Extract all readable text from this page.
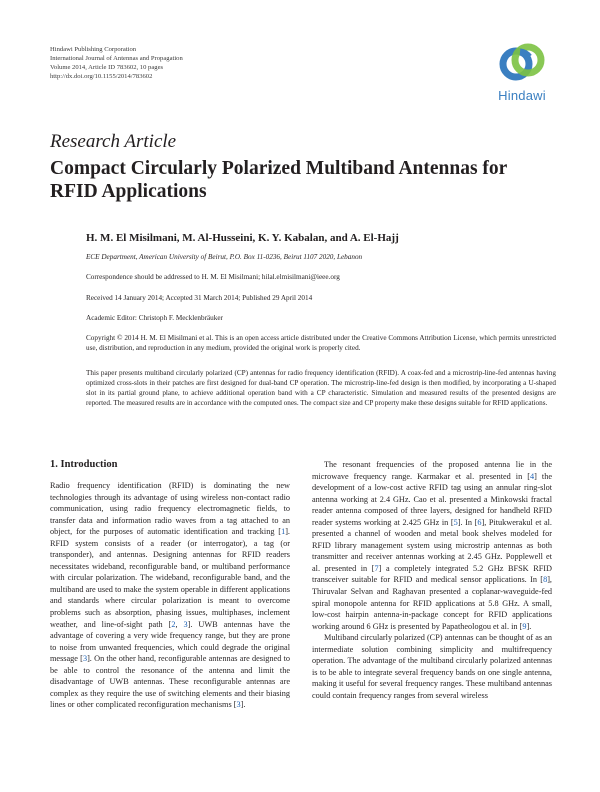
Hindawi Publishing Corporation
International Journal of Antennas and Propagation
Volume 2014, Article ID 783602, 10 pages
http://dx.doi.org/10.1155/2014/783602
Hindawi
Research Article
Compact Circularly Polarized Multiband Antennas for RFID Applications
H. M. El Misilmani, M. Al-Husseini, K. Y. Kabalan, and A. El-Hajj
ECE Department, American University of Beirut, P.O. Box 11-0236, Beirut 1107 2020, Lebanon
Correspondence should be addressed to H. M. El Misilmani; hilal.elmisilmani@ieee.org
Received 14 January 2014; Accepted 31 March 2014; Published 29 April 2014
Academic Editor: Christoph F. Mecklenbräuker
Copyright © 2014 H. M. El Misilmani et al. This is an open access article distributed under the Creative Commons Attribution License, which permits unrestricted use, distribution, and reproduction in any medium, provided the original work is properly cited.
This paper presents multiband circularly polarized (CP) antennas for radio frequency identification (RFID). A coax-fed and a microstrip-line-fed antennas having optimized cross-slots in their patches are first designed for dual-band CP operation. The microstrip-line-fed design is then modified, by incorporating a U-shaped slot in its partial ground plane, to achieve additional operation band with a CP characteristic. Simulation and measured results of the presented designs are reported. The measured results are in accordance with the computed ones. The compact size and CP property make these designs suitable for RFID applications.
1. Introduction

Radio frequency identification (RFID) is dominating the new technologies through its advantage of using wireless non-contact radio communication, using radio frequency electromagnetic fields, to transfer data and information radio waves from a tag attached to an object, for the purposes of automatic identification and tracking [1]. RFID system consists of a reader (or interrogator), a tag (or transponder), and antennas. Designing antennas for RFID readers necessitates wideband, reconfigurable band, or multiband performance with circular polarization. The wideband, reconfigurable band, and the multiband are used to make the system operable in different applications and standards where circular polarization is meant to overcome problems such as absorption, phasing issues, multiphases, inclement weather, and line-of-sight path [2, 3]. UWB antennas have the advantage of covering a very wide frequency range, but they are prone to noise from unwanted frequencies, which could degrade the original message [3]. On the other hand, reconfigurable antennas are designed to be able to control the resonance of the antenna and limit the disadvantage of UWB antennas. These reconfigurable antennas are complex as they require the use of switching elements and their biasing lines or other complicated reconfiguration mechanisms [3].

The resonant frequencies of the proposed antenna lie in the microwave frequency range. Karmakar et al. presented in [4] the development of a low-cost active RFID tag using an annular ring-slot antenna working at 2.4 GHz. Cao et al. presented a Minkowski fractal reader antenna composed of three layers, designed for handheld RFID reader systems working at 2.425 GHz in [5]. In [6], Pitukwerakul et al. presented a channel of wooden and metal book shelves modeled for RFID library management system using microstrip antennas as both transmitter and receiver antennas working at 2.45 GHz. Popplewell et al. presented in [7] a completely integrated 5.2 GHz BFSK RFID transceiver suitable for RFID and medical sensor applications. In [8], Thiruvalar Selvan and Raghavan presented a coplanar-waveguide-fed spiral monopole antenna for RFID applications at 5.8 GHz. A small, low-cost hairpin antenna-in-package concept for RFID applications working around 6 GHz is presented by Papatheologou et al. in [9].

Multiband circularly polarized (CP) antennas can be thought of as an intermediate solution combining simplicity and multifrequency operation. The advantage of the multiband circularly polarized antennas is to be able to integrate several frequency bands on one single antenna, making it useful for several frequency ranges. These multiband antennas could contain frequency ranges from several wireless
